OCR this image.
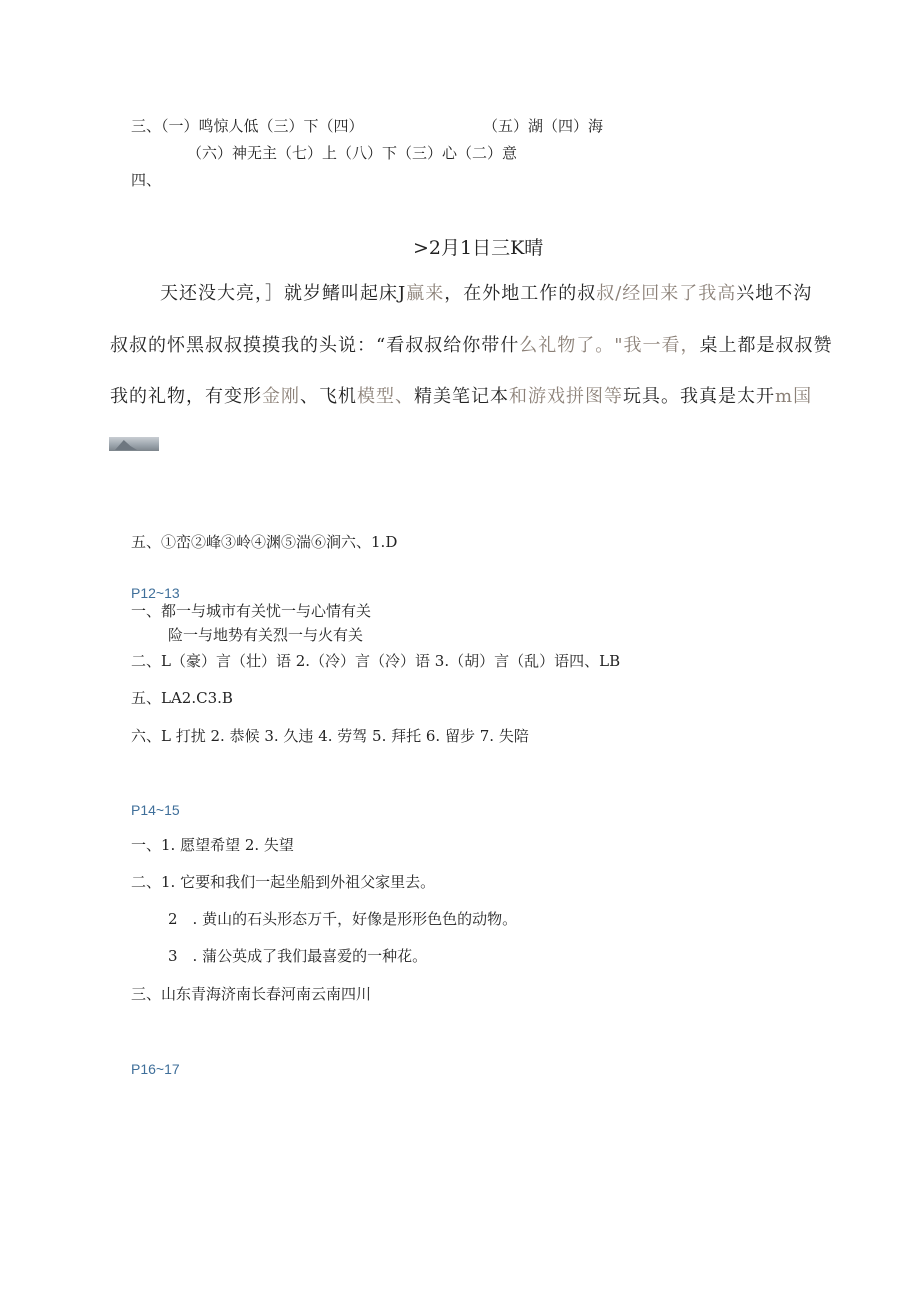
三、（一）鸣惊人低（三）下（四）	（五）湖（四）海
（六）神无主（七）上（八）下（三）心（二）意
四、
>2月1日三K晴
天还没大亮，］就岁鳍叫起床J赢来，在外地工作的叔叔/经回来了我高兴地不沟
叔叔的怀黑叔叔摸摸我的头说：“看叔叔给你带什么礼物了。"我一看，桌上都是叔叔赞
我的礼物，有变形金刚、飞机模型、精美笔记本和游戏拼图等玩具。我真是太开m国
五、①峦②峰③岭④渊⑤湍⑥涧六、1.D
P12~13
一、都一与城市有关忧一与心情有关
险一与地势有关烈一与火有关
二、L（豪）言（壮）语 2.（冷）言（冷）语 3.（胡）言（乱）语四、LB
五、LA2.C3.B
六、L 打扰 2. 恭候 3. 久违 4. 劳驾 5. 拜托 6. 留步 7. 失陪
P14~15
一、1. 愿望希望 2. 失望
二、1. 它要和我们一起坐船到外祖父家里去。
2　. 黄山的石头形态万千，好像是形形色色的动物。
3　. 蒲公英成了我们最喜爱的一种花。
三、山东青海济南长春河南云南四川
P16~17
